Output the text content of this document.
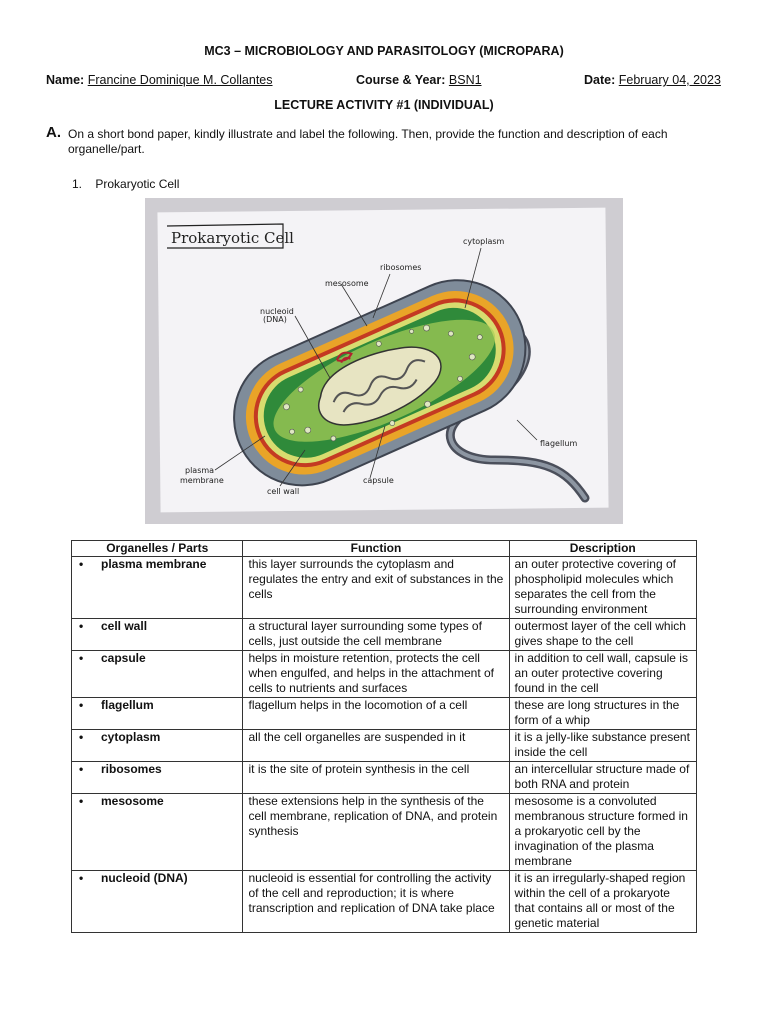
MC3 – MICROBIOLOGY AND PARASITOLOGY (MICROPARA)
Name: Francine Dominique M. Collantes	Course & Year: BSN1	Date: February 04, 2023
LECTURE ACTIVITY #1 (INDIVIDUAL)
A. On a short bond paper, kindly illustrate and label the following. Then, provide the function and description of each organelle/part.
1. Prokaryotic Cell
Prokaryotic Cell	cytoplasm
ribosomes
mesosome
nucleoid
(DNA)
flagellum
plasma
membrane
cell wall
capsule
Organelles / Parts	Function	Description
• plasma membrane	this layer surrounds the cytoplasm and regulates the entry and exit of substances in the cells	an outer protective covering of phospholipid molecules which separates the cell from the surrounding environment
• cell wall	a structural layer surrounding some types of cells, just outside the cell membrane	outermost layer of the cell which gives shape to the cell
• capsule	helps in moisture retention, protects the cell when engulfed, and helps in the attachment of cells to nutrients and surfaces	in addition to cell wall, capsule is an outer protective covering found in the cell
• flagellum	flagellum helps in the locomotion of a cell	these are long structures in the form of a whip
• cytoplasm	all the cell organelles are suspended in it	it is a jelly-like substance present inside the cell
• ribosomes	it is the site of protein synthesis in the cell	an intercellular structure made of both RNA and protein
• mesosome	these extensions help in the synthesis of the cell membrane, replication of DNA, and protein synthesis	mesosome is a convoluted membranous structure formed in a prokaryotic cell by the invagination of the plasma membrane
• nucleoid (DNA)	nucleoid is essential for controlling the activity of the cell and reproduction; it is where transcription and replication of DNA take place	it is an irregularly-shaped region within the cell of a prokaryote that contains all or most of the genetic material
